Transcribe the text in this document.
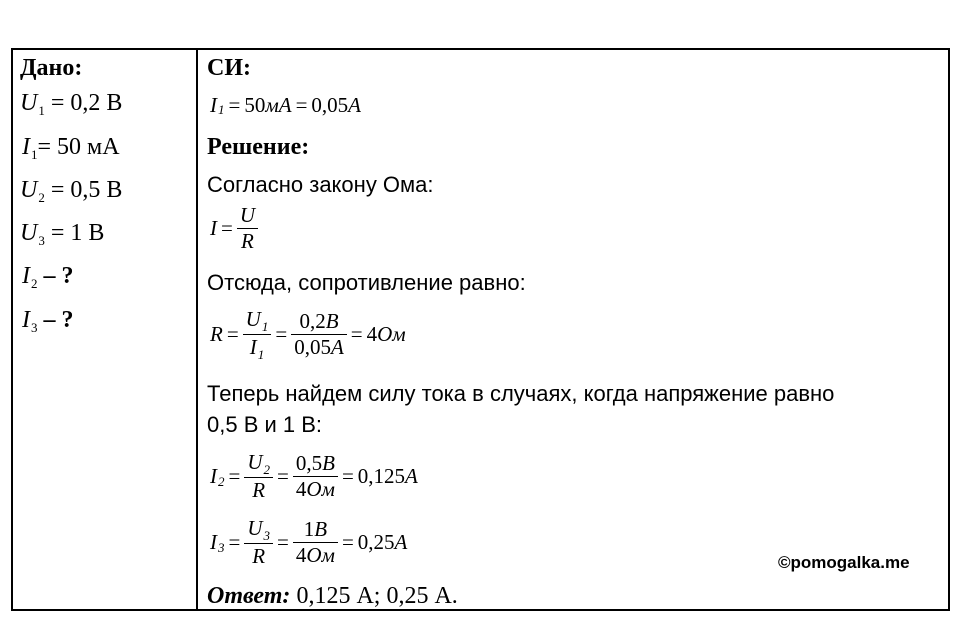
Дано:
$U_1 = 0,2$ В
$I_1= 50$ мА
$U_2 = 0,5$ В
$U_3 = 1$ В
$I_2$ – ?
$I_3$ – ?
СИ:
I 1 = 50 мА = 0,05 А
Решение:
Согласно закону Ома:
$I = \frac{U}{R}$
Отсюда, сопротивление равно:
$R = \frac{U_1}{I_1} = \frac{0,2В}{0,05А} = 4$ Ом
Теперь найдем силу тока в случаях, когда напряжение равно
0,5 В и 1 В:
I $2 = \frac{U_2}{R} = \frac{0,5В}{4Ом} = 0,125$ А
I $3 = \frac{U_3}{R} = \frac{1В}{4Ом} = 0,25$ А
©pomogalka.me
Ответ: 0,125 А; 0,25 А.
